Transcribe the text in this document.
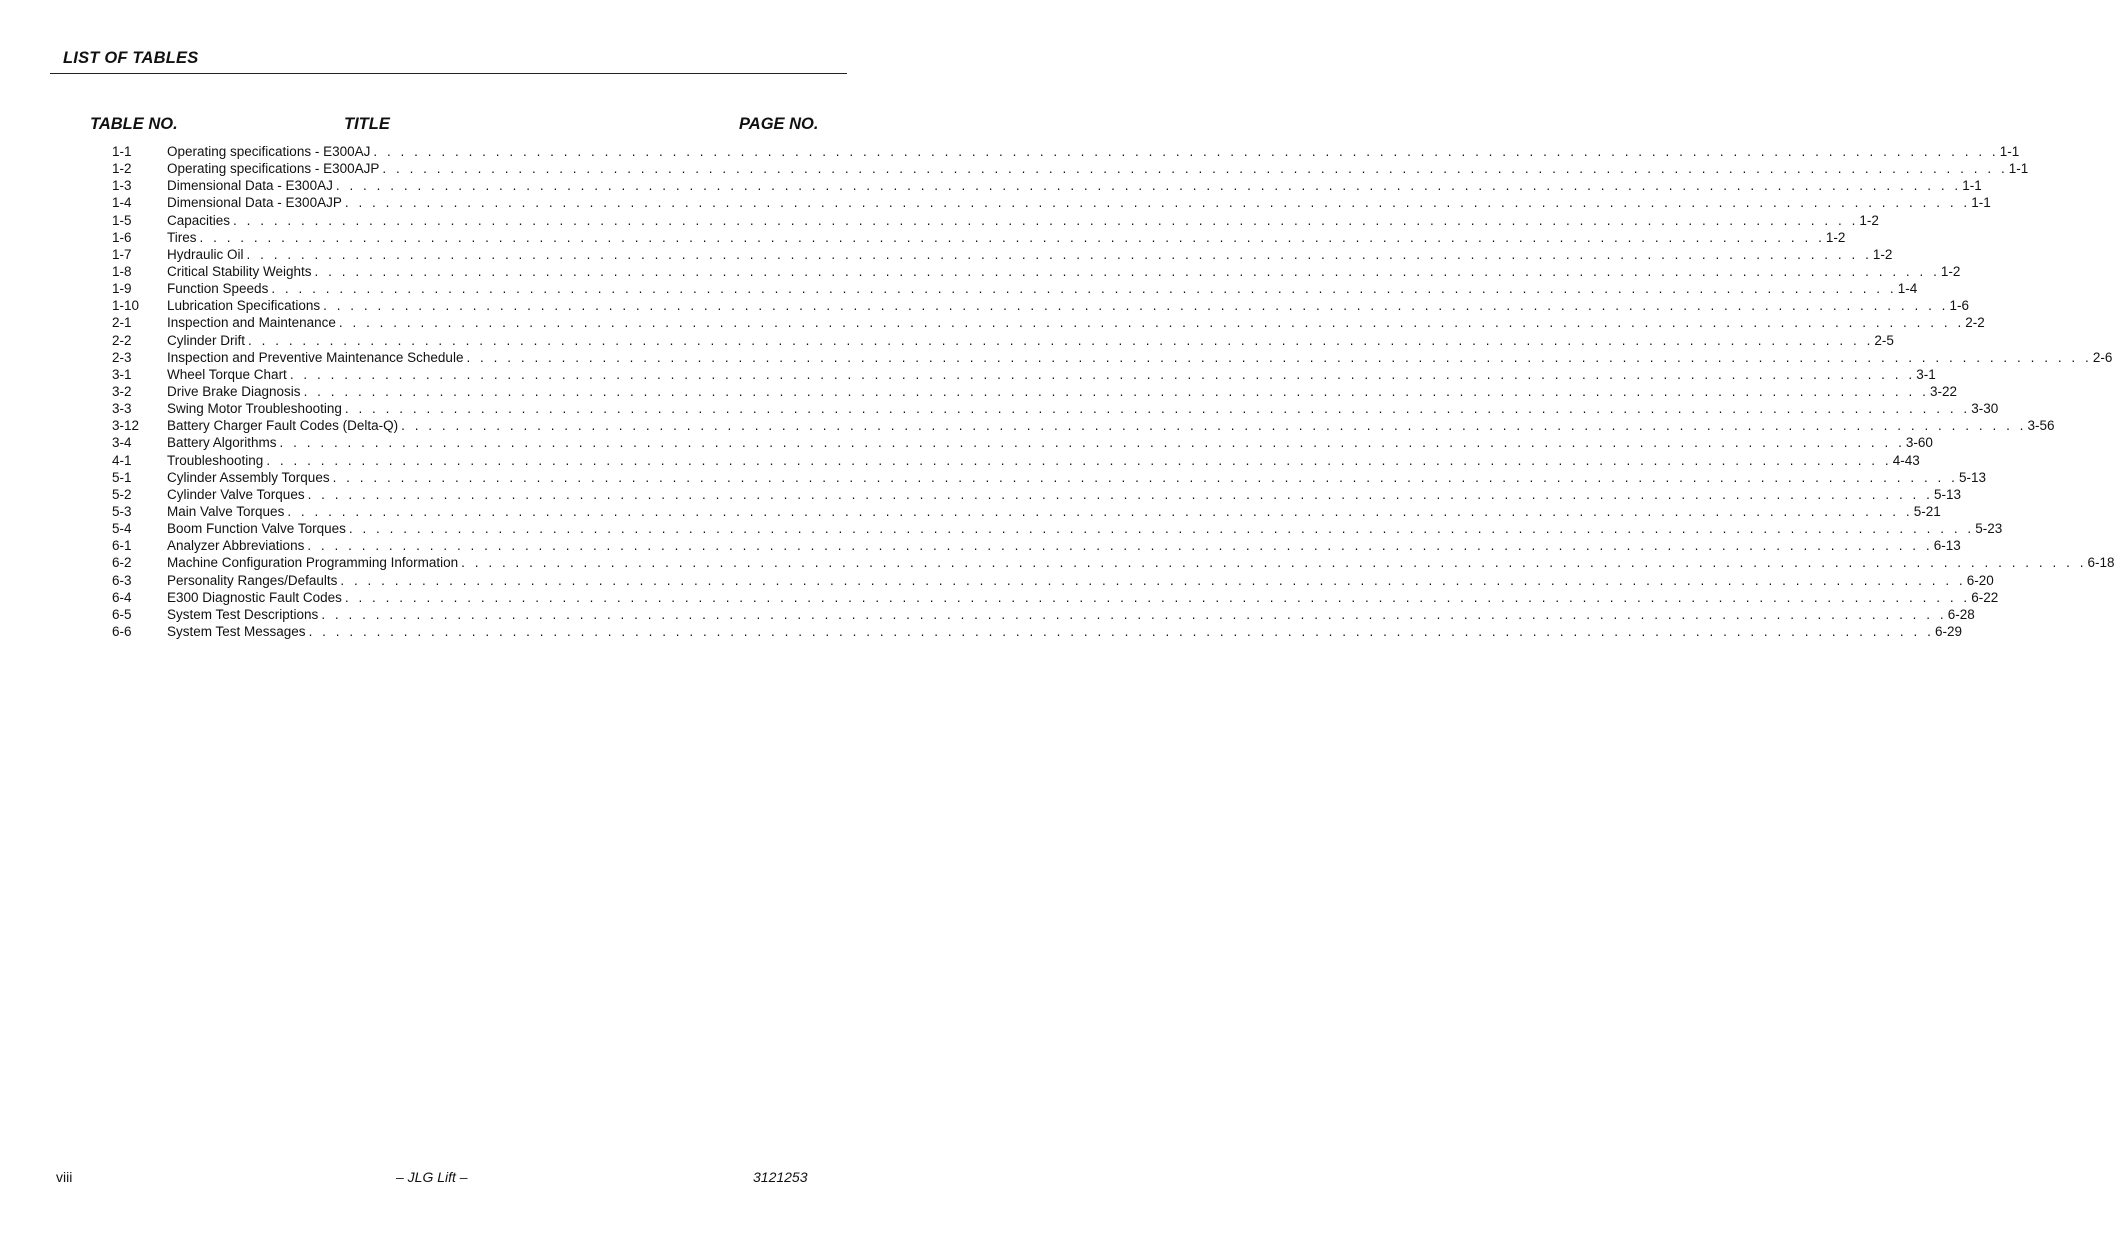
LIST OF TABLES
TABLE NO.	TITLE	PAGE NO.
1-1	Operating specifications - E300AJ . . . . . . . . . . . . . . . . . . . . . . . . . . . . . . . . . . . . . . . . . . . . . . . . . . . . . . . . . . . . . . . . . . . . . . . . . . . . . . . . . . . . . . . . . . . . . . . . . . . . . . . . . . . . . . . . . . . . . . . . 1-1
1-2	Operating specifications - E300AJP . . . . . . . . . . . . . . . . . . . . . . . . . . . . . . . . . . . . . . . . . . . . . . . . . . . . . . . . . . . . . . . . . . . . . . . . . . . . . . . . . . . . . . . . . . . . . . . . . . . . . . . . . . . . . . . . . . . . . . . . 1-1
1-3	Dimensional Data - E300AJ . . . . . . . . . . . . . . . . . . . . . . . . . . . . . . . . . . . . . . . . . . . . . . . . . . . . . . . . . . . . . . . . . . . . . . . . . . . . . . . . . . . . . . . . . . . . . . . . . . . . . . . . . . . . . . . . . . . . . . . . 1-1
1-4	Dimensional Data - E300AJP . . . . . . . . . . . . . . . . . . . . . . . . . . . . . . . . . . . . . . . . . . . . . . . . . . . . . . . . . . . . . . . . . . . . . . . . . . . . . . . . . . . . . . . . . . . . . . . . . . . . . . . . . . . . . . . . . . . . . . . . 1-1
1-5	Capacities . . . . . . . . . . . . . . . . . . . . . . . . . . . . . . . . . . . . . . . . . . . . . . . . . . . . . . . . . . . . . . . . . . . . . . . . . . . . . . . . . . . . . . . . . . . . . . . . . . . . . . . . . . . . . . . . . . . . . . . . 1-2
1-6	Tires . . . . . . . . . . . . . . . . . . . . . . . . . . . . . . . . . . . . . . . . . . . . . . . . . . . . . . . . . . . . . . . . . . . . . . . . . . . . . . . . . . . . . . . . . . . . . . . . . . . . . . . . . . . . . . . . . . . . . . . . 1-2
1-7	Hydraulic Oil . . . . . . . . . . . . . . . . . . . . . . . . . . . . . . . . . . . . . . . . . . . . . . . . . . . . . . . . . . . . . . . . . . . . . . . . . . . . . . . . . . . . . . . . . . . . . . . . . . . . . . . . . . . . . . . . . . . . . . . . 1-2
1-8	Critical Stability Weights . . . . . . . . . . . . . . . . . . . . . . . . . . . . . . . . . . . . . . . . . . . . . . . . . . . . . . . . . . . . . . . . . . . . . . . . . . . . . . . . . . . . . . . . . . . . . . . . . . . . . . . . . . . . . . . . . . . . . . . . 1-2
1-9	Function Speeds . . . . . . . . . . . . . . . . . . . . . . . . . . . . . . . . . . . . . . . . . . . . . . . . . . . . . . . . . . . . . . . . . . . . . . . . . . . . . . . . . . . . . . . . . . . . . . . . . . . . . . . . . . . . . . . . . . . . . . . . 1-4
1-10 Lubrication Specifications . . . . . . . . . . . . . . . . . . . . . . . . . . . . . . . . . . . . . . . . . . . . . . . . . . . . . . . . . . . . . . . . . . . . . . . . . . . . . . . . . . . . . . . . . . . . . . . . . . . . . . . . . . . . . . . . . . . . . . . . 1-6
2-1	Inspection and Maintenance . . . . . . . . . . . . . . . . . . . . . . . . . . . . . . . . . . . . . . . . . . . . . . . . . . . . . . . . . . . . . . . . . . . . . . . . . . . . . . . . . . . . . . . . . . . . . . . . . . . . . . . . . . . . . . . . . . . . . . . . 2-2
2-2	Cylinder Drift . . . . . . . . . . . . . . . . . . . . . . . . . . . . . . . . . . . . . . . . . . . . . . . . . . . . . . . . . . . . . . . . . . . . . . . . . . . . . . . . . . . . . . . . . . . . . . . . . . . . . . . . . . . . . . . . . . . . . . . . 2-5
2-3	Inspection and Preventive Maintenance Schedule . . . . . . . . . . . . . . . . . . . . . . . . . . . . . . . . . . . . . . . . . . . . . . . . . . . . . . . . . . . . . . . . . . . . . . . . . . . . . . . . . . . . . . . . . . . . . . . . . . . . . . . . . . . . . . . . . . . . . . . . 2-6
3-1	Wheel Torque Chart . . . . . . . . . . . . . . . . . . . . . . . . . . . . . . . . . . . . . . . . . . . . . . . . . . . . . . . . . . . . . . . . . . . . . . . . . . . . . . . . . . . . . . . . . . . . . . . . . . . . . . . . . . . . . . . . . . . . . . . . 3-1
3-2	Drive Brake Diagnosis . . . . . . . . . . . . . . . . . . . . . . . . . . . . . . . . . . . . . . . . . . . . . . . . . . . . . . . . . . . . . . . . . . . . . . . . . . . . . . . . . . . . . . . . . . . . . . . . . . . . . . . . . . . . . . . . . . . . . . . . 3-22
3-3	Swing Motor Troubleshooting . . . . . . . . . . . . . . . . . . . . . . . . . . . . . . . . . . . . . . . . . . . . . . . . . . . . . . . . . . . . . . . . . . . . . . . . . . . . . . . . . . . . . . . . . . . . . . . . . . . . . . . . . . . . . . . . . . . . . . . . 3-30
3-12 Battery Charger Fault Codes (Delta-Q) . . . . . . . . . . . . . . . . . . . . . . . . . . . . . . . . . . . . . . . . . . . . . . . . . . . . . . . . . . . . . . . . . . . . . . . . . . . . . . . . . . . . . . . . . . . . . . . . . . . . . . . . . . . . . . . . . . . . . . . . 3-56
3-4	Battery Algorithms . . . . . . . . . . . . . . . . . . . . . . . . . . . . . . . . . . . . . . . . . . . . . . . . . . . . . . . . . . . . . . . . . . . . . . . . . . . . . . . . . . . . . . . . . . . . . . . . . . . . . . . . . . . . . . . . . . . . . . . . 3-60
4-1	Troubleshooting . . . . . . . . . . . . . . . . . . . . . . . . . . . . . . . . . . . . . . . . . . . . . . . . . . . . . . . . . . . . . . . . . . . . . . . . . . . . . . . . . . . . . . . . . . . . . . . . . . . . . . . . . . . . . . . . . . . . . . . . 4-43
5-1	Cylinder Assembly Torques . . . . . . . . . . . . . . . . . . . . . . . . . . . . . . . . . . . . . . . . . . . . . . . . . . . . . . . . . . . . . . . . . . . . . . . . . . . . . . . . . . . . . . . . . . . . . . . . . . . . . . . . . . . . . . . . . . . . . . . . 5-13
5-2	Cylinder Valve Torques . . . . . . . . . . . . . . . . . . . . . . . . . . . . . . . . . . . . . . . . . . . . . . . . . . . . . . . . . . . . . . . . . . . . . . . . . . . . . . . . . . . . . . . . . . . . . . . . . . . . . . . . . . . . . . . . . . . . . . . . 5-13
5-3	Main Valve Torques . . . . . . . . . . . . . . . . . . . . . . . . . . . . . . . . . . . . . . . . . . . . . . . . . . . . . . . . . . . . . . . . . . . . . . . . . . . . . . . . . . . . . . . . . . . . . . . . . . . . . . . . . . . . . . . . . . . . . . . . 5-21
5-4	Boom Function Valve Torques . . . . . . . . . . . . . . . . . . . . . . . . . . . . . . . . . . . . . . . . . . . . . . . . . . . . . . . . . . . . . . . . . . . . . . . . . . . . . . . . . . . . . . . . . . . . . . . . . . . . . . . . . . . . . . . . . . . . . . . . 5-23
6-1	Analyzer Abbreviations . . . . . . . . . . . . . . . . . . . . . . . . . . . . . . . . . . . . . . . . . . . . . . . . . . . . . . . . . . . . . . . . . . . . . . . . . . . . . . . . . . . . . . . . . . . . . . . . . . . . . . . . . . . . . . . . . . . . . . . . 6-13
6-2	Machine Configuration Programming Information . . . . . . . . . . . . . . . . . . . . . . . . . . . . . . . . . . . . . . . . . . . . . . . . . . . . . . . . . . . . . . . . . . . . . . . . . . . . . . . . . . . . . . . . . . . . . . . . . . . . . . . . . . . . . . . . . . . . . . . . 6-18
6-3	Personality Ranges/Defaults . . . . . . . . . . . . . . . . . . . . . . . . . . . . . . . . . . . . . . . . . . . . . . . . . . . . . . . . . . . . . . . . . . . . . . . . . . . . . . . . . . . . . . . . . . . . . . . . . . . . . . . . . . . . . . . . . . . . . . . . 6-20
6-4	E300 Diagnostic Fault Codes . . . . . . . . . . . . . . . . . . . . . . . . . . . . . . . . . . . . . . . . . . . . . . . . . . . . . . . . . . . . . . . . . . . . . . . . . . . . . . . . . . . . . . . . . . . . . . . . . . . . . . . . . . . . . . . . . . . . . . . . 6-22
6-5	System Test Descriptions . . . . . . . . . . . . . . . . . . . . . . . . . . . . . . . . . . . . . . . . . . . . . . . . . . . . . . . . . . . . . . . . . . . . . . . . . . . . . . . . . . . . . . . . . . . . . . . . . . . . . . . . . . . . . . . . . . . . . . . . 6-28
6-6	System Test Messages . . . . . . . . . . . . . . . . . . . . . . . . . . . . . . . . . . . . . . . . . . . . . . . . . . . . . . . . . . . . . . . . . . . . . . . . . . . . . . . . . . . . . . . . . . . . . . . . . . . . . . . . . . . . . . . . . . . . . . . . 6-29
viii	– JLG Lift –	3121253
